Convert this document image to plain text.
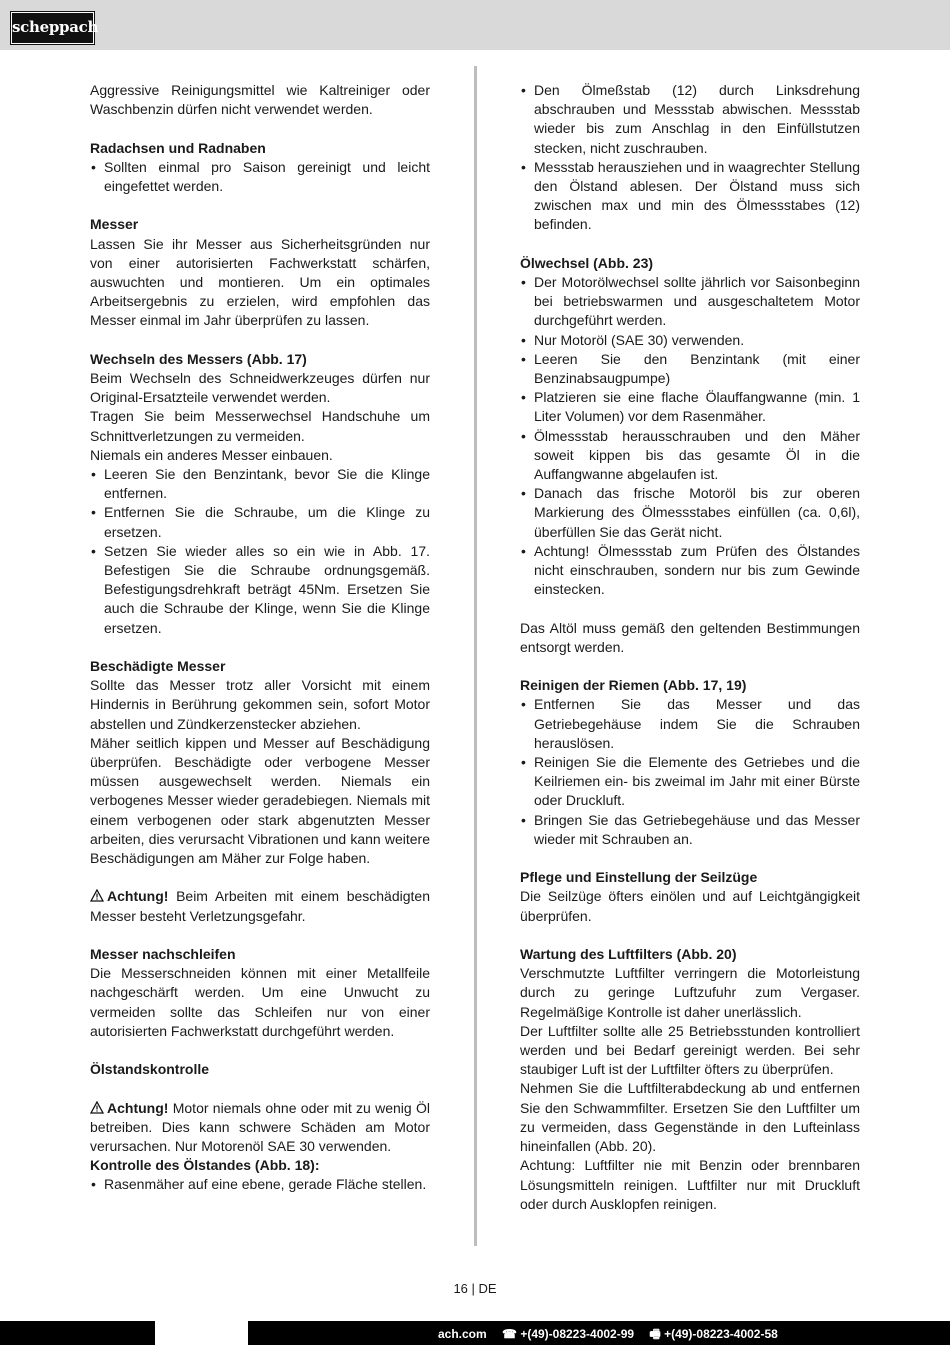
scheppach

Aggressive Reinigungsmittel wie Kaltreiniger oder Waschbenzin dürfen nicht verwendet werden.

Radachsen und Radnaben

• Sollten einmal pro Saison gereinigt und leicht eingefettet werden.

Messer

Lassen Sie ihr Messer aus Sicherheitsgründen nur von einer autorisierten Fachwerkstatt schärfen, auswuchten und montieren. Um ein optimales Arbeitsergebnis zu erzielen, wird empfohlen das Messer einmal im Jahr überprüfen zu lassen.

Wechseln des Messers (Abb. 17)

Beim Wechseln des Schneidwerkzeuges dürfen nur Original-Ersatzteile verwendet werden.

Tragen Sie beim Messerwechsel Handschuhe um Schnittverletzungen zu vermeiden.

Niemals ein anderes Messer einbauen.

• Leeren Sie den Benzintank, bevor Sie die Klinge entfernen.
• Entfernen Sie die Schraube, um die Klinge zu ersetzen.
• Setzen Sie wieder alles so ein wie in Abb. 17. Befestigen Sie die Schraube ordnungsgemäß. Befestigungsdrehkraft beträgt 45Nm. Ersetzen Sie auch die Schraube der Klinge, wenn Sie die Klinge ersetzen.

Beschädigte Messer

Sollte das Messer trotz aller Vorsicht mit einem Hindernis in Berührung gekommen sein, sofort Motor abstellen und Zündkerzenstecker abziehen.

Mäher seitlich kippen und Messer auf Beschädigung überprüfen. Beschädigte oder verbogene Messer müssen ausgewechselt werden. Niemals ein verbogenes Messer wieder geradebiegen. Niemals mit einem verbogenen oder stark abgenutzten Messer arbeiten, dies verursacht Vibrationen und kann weitere Beschädigungen am Mäher zur Folge haben.

Achtung! Beim Arbeiten mit einem beschädigten Messer besteht Verletzungsgefahr.

Messer nachschleifen

Die Messerschneiden können mit einer Metallfeile nachgeschärft werden. Um eine Unwucht zu vermeiden sollte das Schleifen nur von einer autorisierten Fachwerkstatt durchgeführt werden.

Ölstandskontrolle

Achtung! Motor niemals ohne oder mit zu wenig Öl betreiben. Dies kann schwere Schäden am Motor verursachen. Nur Motorenöl SAE 30 verwenden.

Kontrolle des Ölstandes (Abb. 18):

• Rasenmäher auf eine ebene, gerade Fläche stellen.
• Den Ölmeßstab (12) durch Linksdrehung abschrauben und Messstab abwischen. Messstab wieder bis zum Anschlag in den Einfüllstutzen stecken, nicht zuschrauben.
• Messstab herausziehen und in waagrechter Stellung den Ölstand ablesen. Der Ölstand muss sich zwischen max und min des Ölmessstabes (12) befinden.

Ölwechsel (Abb. 23)

• Der Motorölwechsel sollte jährlich vor Saisonbeginn bei betriebswarmen und ausgeschaltetem Motor durchgeführt werden.
• Nur Motoröl (SAE 30) verwenden.
• Leeren Sie den Benzintank (mit einer Benzinabsaugpumpe)
• Platzieren sie eine flache Ölauffangwanne (min. 1 Liter Volumen) vor dem Rasenmäher.
• Ölmessstab herausschrauben und den Mäher soweit kippen bis das gesamte Öl in die Auffangwanne abgelaufen ist.
• Danach das frische Motoröl bis zur oberen Markierung des Ölmessstabes einfüllen (ca. 0,6l), überfüllen Sie das Gerät nicht.
• Achtung! Ölmessstab zum Prüfen des Ölstandes nicht einschrauben, sondern nur bis zum Gewinde einstecken.

Das Altöl muss gemäß den geltenden Bestimmungen entsorgt werden.

Reinigen der Riemen (Abb. 17, 19)

• Entfernen Sie das Messer und das Getriebegehäuse indem Sie die Schrauben herauslösen.
• Reinigen Sie die Elemente des Getriebes und die Keilriemen ein- bis zweimal im Jahr mit einer Bürste oder Druckluft.
• Bringen Sie das Getriebegehäuse und das Messer wieder mit Schrauben an.

Pflege und Einstellung der Seilzüge

Die Seilzüge öfters einölen und auf Leichtgängigkeit überprüfen.

Wartung des Luftfilters (Abb. 20)

Verschmutzte Luftfilter verringern die Motorleistung durch zu geringe Luftzufuhr zum Vergaser. Regelmäßige Kontrolle ist daher unerlässlich.

Der Luftfilter sollte alle 25 Betriebsstunden kontrolliert werden und bei Bedarf gereinigt werden. Bei sehr staubiger Luft ist der Luftfilter öfters zu überprüfen.

Nehmen Sie die Luftfilterabdeckung ab und entfernen Sie den Schwammfilter. Ersetzen Sie den Luftfilter um zu vermeiden, dass Gegenstände in den Lufteinlass hineinfallen (Abb. 20).

Achtung: Luftfilter nie mit Benzin oder brennbaren Lösungsmitteln reinigen. Luftfilter nur mit Druckluft oder durch Ausklopfen reinigen.

16 | DE
ach.com ☎ +(49)-08223-4002-99 🖷 +(49)-08223-4002-58
